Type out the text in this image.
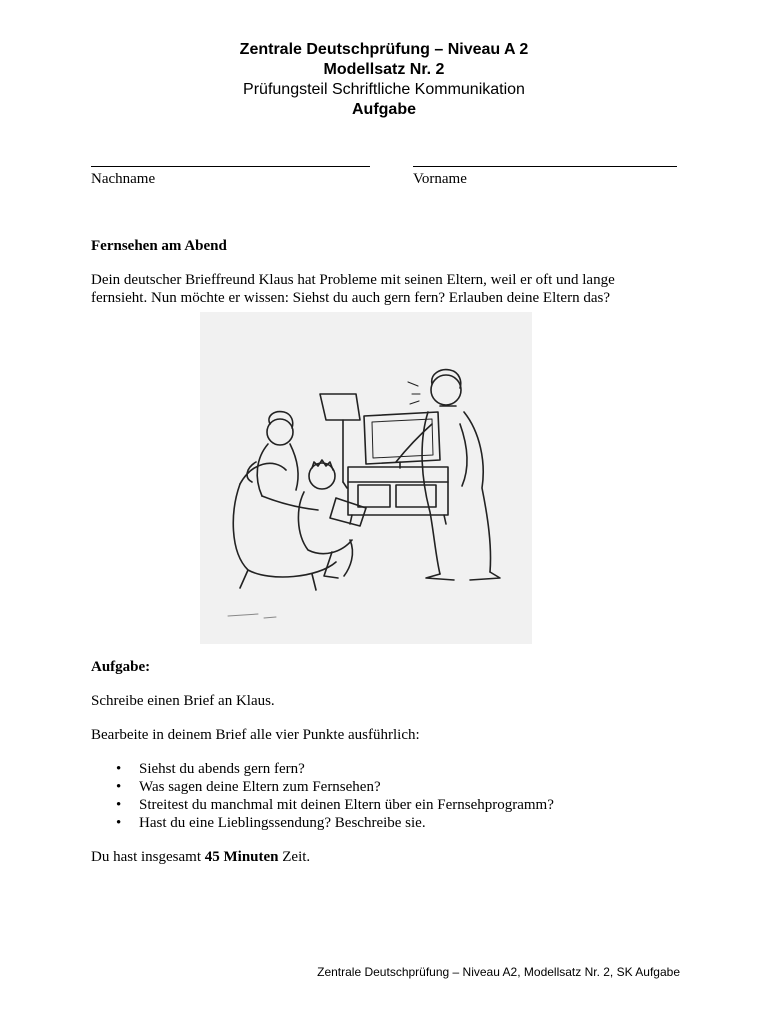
Zentrale Deutschprüfung – Niveau A 2
Modellsatz Nr. 2
Prüfungsteil Schriftliche Kommunikation
Aufgabe
Nachname	Vorname
Fernsehen am Abend
Dein deutscher Brieffreund Klaus hat Probleme mit seinen Eltern, weil er oft und lange
fernsieht. Nun möchte er wissen: Siehst du auch gern fern? Erlauben deine Eltern das?
Aufgabe:
Schreibe einen Brief an Klaus.
Bearbeite in deinem Brief alle vier Punkte ausführlich:
• Siehst du abends gern fern?
• Was sagen deine Eltern zum Fernsehen?
• Streitest du manchmal mit deinen Eltern über ein Fernsehprogramm?
• Hast du eine Lieblingssendung? Beschreibe sie.
Du hast insgesamt 45 Minuten Zeit.
Zentrale Deutschprüfung – Niveau A2, Modellsatz Nr. 2, SK Aufgabe
